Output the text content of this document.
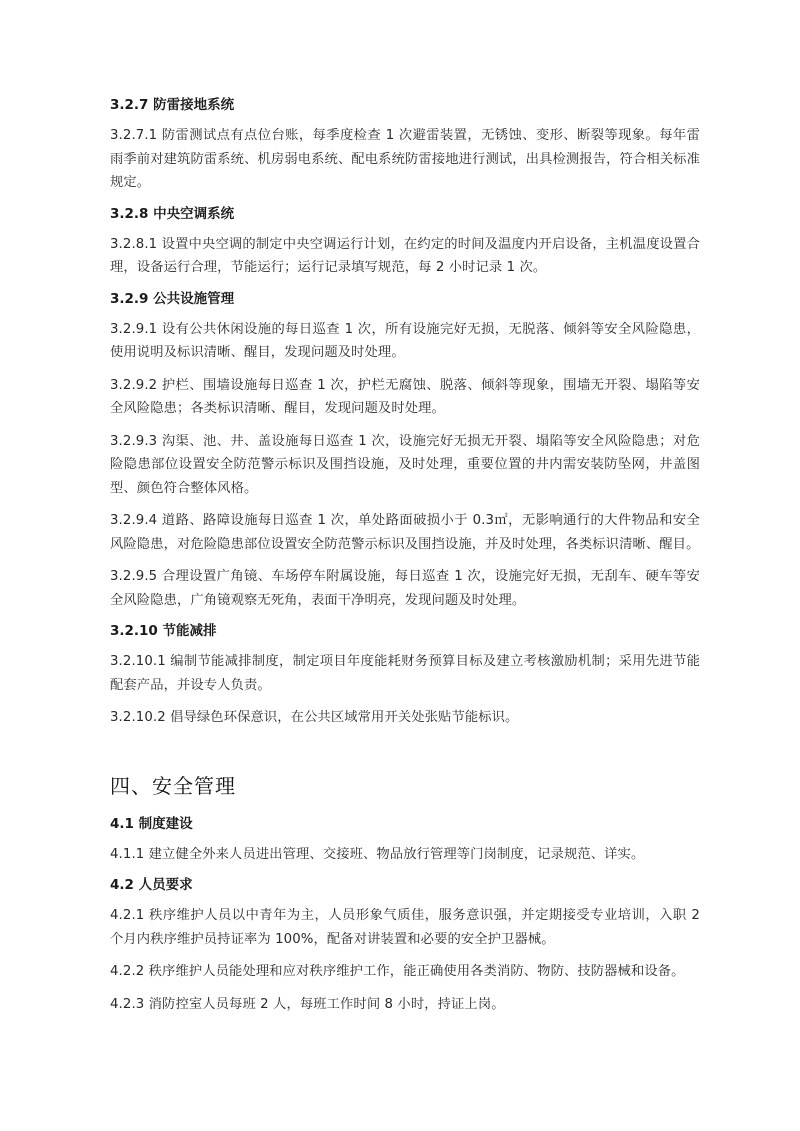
3.2.7 防雷接地系统
3.2.7.1 防雷测试点有点位台账，每季度检查 1 次避雷装置，无锈蚀、变形、断裂等现象。每年雷雨季前对建筑防雷系统、机房弱电系统、配电系统防雷接地进行测试，出具检测报告，符合相关标准规定。
3.2.8 中央空调系统
3.2.8.1 设置中央空调的制定中央空调运行计划，在约定的时间及温度内开启设备，主机温度设置合理，设备运行合理，节能运行；运行记录填写规范，每 2 小时记录 1 次。
3.2.9 公共设施管理
3.2.9.1 设有公共休闲设施的每日巡查 1 次，所有设施完好无损，无脱落、倾斜等安全风险隐患，使用说明及标识清晰、醒目，发现问题及时处理。
3.2.9.2 护栏、围墙设施每日巡查 1 次，护栏无腐蚀、脱落、倾斜等现象，围墙无开裂、塌陷等安全风险隐患；各类标识清晰、醒目，发现问题及时处理。
3.2.9.3 沟渠、池、井、盖设施每日巡查 1 次，设施完好无损无开裂、塌陷等安全风险隐患；对危险隐患部位设置安全防范警示标识及围挡设施，及时处理，重要位置的井内需安装防坠网，井盖图型、颜色符合整体风格。
3.2.9.4 道路、路障设施每日巡查 1 次，单处路面破损小于 0.3㎡，无影响通行的大件物品和安全风险隐患，对危险隐患部位设置安全防范警示标识及围挡设施，并及时处理，各类标识清晰、醒目。
3.2.9.5 合理设置广角镜、车场停车附属设施，每日巡查 1 次，设施完好无损，无刮车、硬车等安全风险隐患，广角镜观察无死角，表面干净明亮，发现问题及时处理。
3.2.10 节能减排
3.2.10.1 编制节能减排制度，制定项目年度能耗财务预算目标及建立考核激励机制；采用先进节能配套产品，并设专人负责。
3.2.10.2 倡导绿色环保意识，在公共区域常用开关处张贴节能标识。
四、安全管理
4.1 制度建设
4.1.1 建立健全外来人员进出管理、交接班、物品放行管理等门岗制度，记录规范、详实。
4.2 人员要求
4.2.1 秩序维护人员以中青年为主，人员形象气质佳，服务意识强，并定期接受专业培训，入职 2 个月内秩序维护员持证率为 100%，配备对讲装置和必要的安全护卫器械。
4.2.2 秩序维护人员能处理和应对秩序维护工作，能正确使用各类消防、物防、技防器械和设备。
4.2.3 消防控室人员每班 2 人，每班工作时间 8 小时，持证上岗。
